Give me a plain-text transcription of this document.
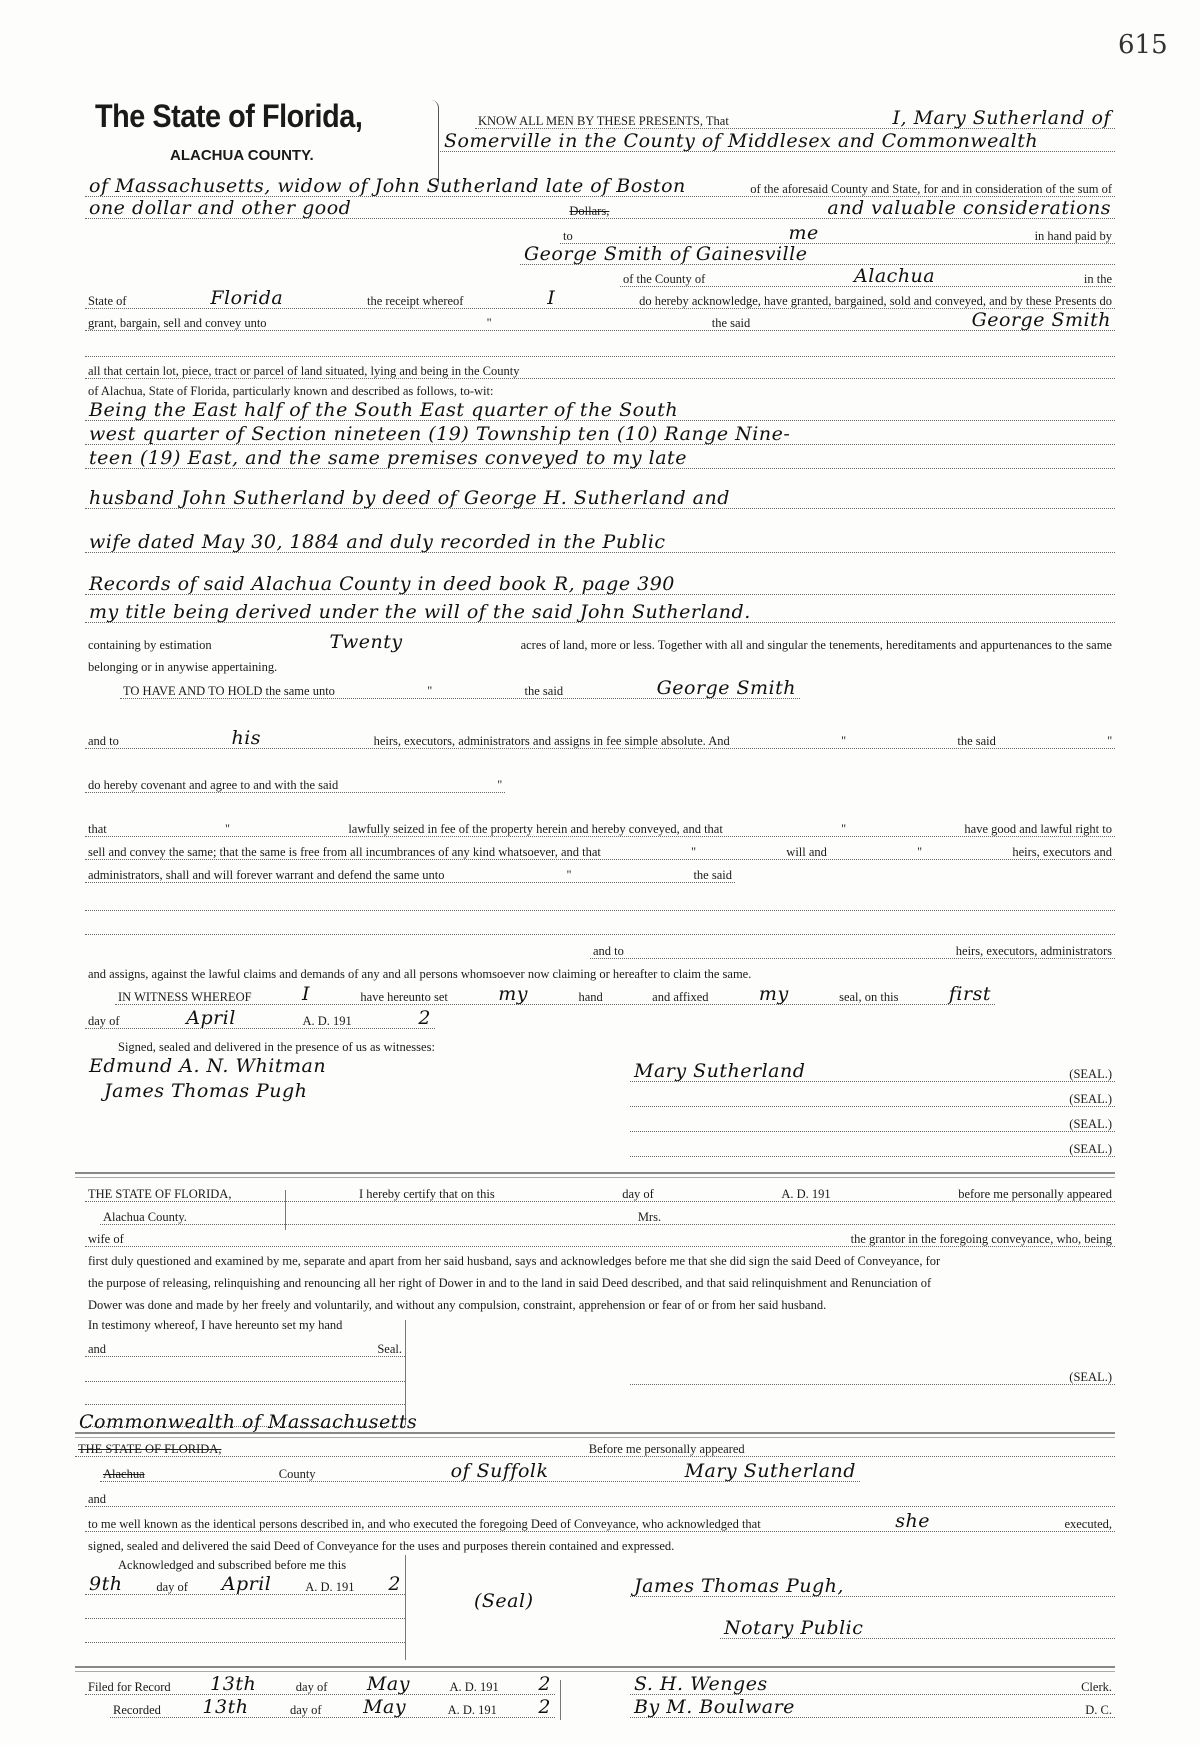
615
The State of Florida,
ALACHUA COUNTY.
KNOW ALL MEN BY THESE PRESENTS, That	I, Mary Sutherland of
Somerville in the County of Middlesex and Commonwealth
of Massachusetts, widow of John Sutherland late of Boston	of the aforesaid County and State, for and in consideration of the sum of
one dollar and other good	Dollars,	and valuable considerations
to	me	in hand paid by
George Smith of Gainesville
of the County of	Alachua	in the
State of	Florida	the receipt whereof	I	do hereby acknowledge, have granted, bargained, sold and conveyed, and by these Presents do
grant, bargain, sell and convey unto	''	the said	George Smith
all that certain lot, piece, tract or parcel of land situated, lying and being in the County
of Alachua, State of Florida, particularly known and described as follows, to-wit:
Being the East half of the South East quarter of the South
west quarter of Section nineteen (19) Township ten (10) Range Nine-
teen (19) East, and the same premises conveyed to my late
husband John Sutherland by deed of George H. Sutherland and
wife dated May 30, 1884 and duly recorded in the Public
Records of said Alachua County in deed book R, page 390
my title being derived under the will of the said John Sutherland.
containing by estimation	Twenty	acres of land, more or less. Together with all and singular the tenements, hereditaments and appurtenances to the same
belonging or in anywise appertaining.
TO HAVE AND TO HOLD the same unto	''	the said	George Smith
and to	his	heirs, executors, administrators and assigns in fee simple absolute. And	''	the said	''
do hereby covenant and agree to and with the said	''
that	''	lawfully seized in fee of the property herein and hereby conveyed, and that	''	have good and lawful right to
sell and convey the same; that the same is free from all incumbrances of any kind whatsoever, and that	''	will and	''	heirs, executors and
administrators, shall and will forever warrant and defend the same unto	''	the said
and to	heirs, executors, administrators
and assigns, against the lawful claims and demands of any and all persons whomsoever now claiming or hereafter to claim the same.
IN WITNESS WHEREOF	I	have hereunto set	my	hand	and affixed	my	seal, on this	first
day of	April	A. D. 191	2
Signed, sealed and delivered in the presence of us as witnesses:
Edmund A. N. Whitman
James Thomas Pugh
Mary Sutherland	(SEAL.)
(SEAL.)
(SEAL.)
(SEAL.)
THE STATE OF FLORIDA,	I hereby certify that on this	day of	A. D. 191	before me personally appeared
Alachua County.	Mrs.
wife of	the grantor in the foregoing conveyance, who, being
first duly questioned and examined by me, separate and apart from her said husband, says and acknowledges before me that she did sign the said Deed of Conveyance, for
the purpose of releasing, relinquishing and renouncing all her right of Dower in and to the land in said Deed described, and that said relinquishment and Renunciation of
Dower was done and made by her freely and voluntarily, and without any compulsion, constraint, apprehension or fear of or from her said husband.
In testimony whereof, I have hereunto set my hand
and	Seal.
(SEAL.)
Commonwealth of Massachusetts
THE STATE OF FLORIDA,	Before me personally appeared
Alachua	County	of Suffolk	Mary Sutherland
and
to me well known as the identical persons described in, and who executed the foregoing Deed of Conveyance, who acknowledged that	she	executed,
signed, sealed and delivered the said Deed of Conveyance for the uses and purposes therein contained and expressed.
Acknowledged and subscribed before me this
9th	day of April	A. D. 191 2
(Seal)
James Thomas Pugh,
Notary Public
Filed for Record 13th	day of May	A. D. 191 2
Recorded 13th	day of May	A. D. 191 2
S. H. Wenges	Clerk.
By M. Boulware	D. C.
